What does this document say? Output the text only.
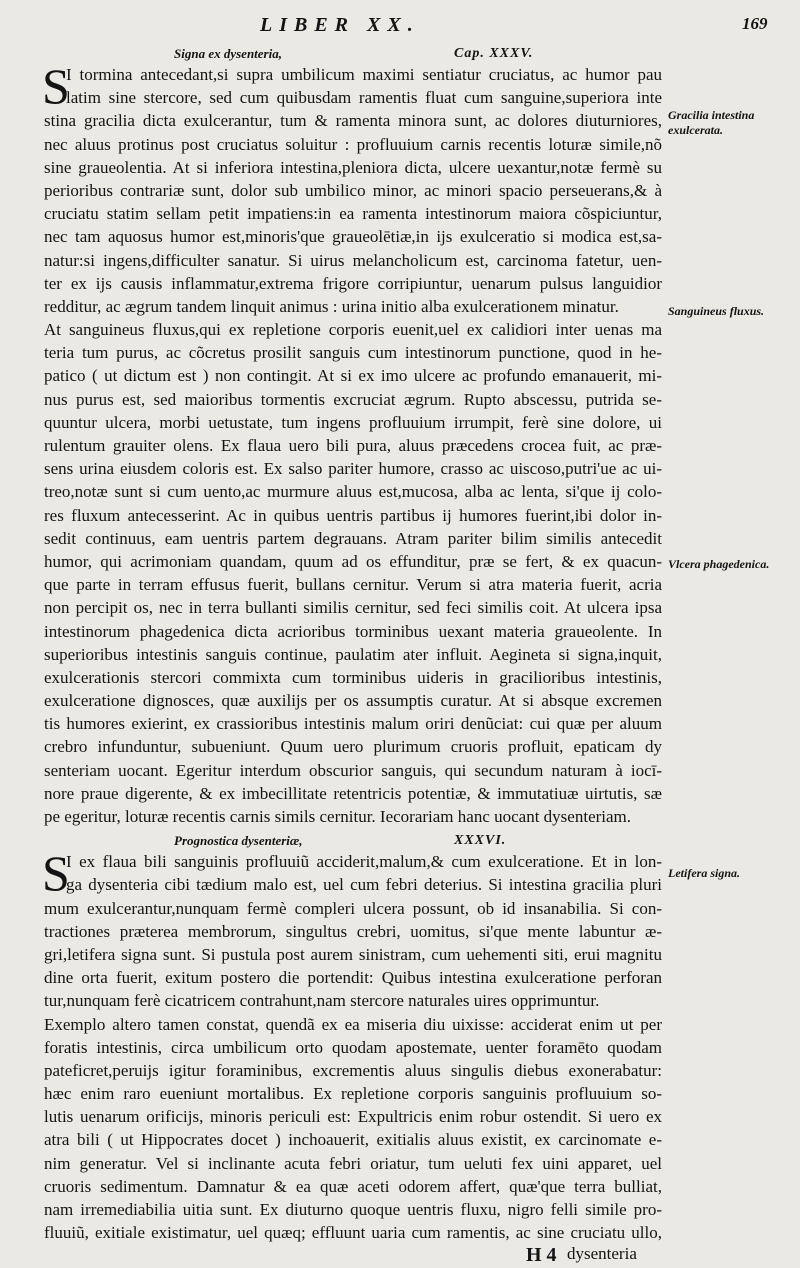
LIBER XX.	169
Signa ex dysenteria,	Cap. XXXV.
S
I tormina antecedant,si supra umbilicum maximi sentiatur cruciatus, ac humor pau
latim sine stercore, sed cum quibusdam ramentis fluat cum sanguine,superiora inte
stina gracilia dicta exulcerantur, tum & ramenta minora sunt, ac dolores diuturniores,
nec aluus protinus post cruciatus soluitur : profluuium carnis recentis loturæ simile,nõ
sine graueolentia. At si inferiora intestina,pleniora dicta, ulcere uexantur,notæ fermè su
perioribus contrariæ sunt, dolor sub umbilico minor, ac minori spacio perseuerans,& à
cruciatu statim sellam petit impatiens:in ea ramenta intestinorum maiora cõspiciuntur,
nec tam aquosus humor est,minoris'que graueolētiæ,in ijs exulceratio si modica est,sa-
natur:si ingens,difficulter sanatur. Si uirus melancholicum est, carcinoma fatetur, uen-
ter ex ijs causis inflammatur,extrema frigore corripiuntur, uenarum pulsus languidior
redditur, ac ægrum tandem linquit animus : urina initio alba exulcerationem minatur.
At sanguineus fluxus,qui ex repletione corporis euenit,uel ex calidiori inter uenas ma
teria tum purus, ac cõcretus prosilit sanguis cum intestinorum punctione, quod in he-
patico ( ut dictum est ) non contingit. At si ex imo ulcere ac profundo emanauerit, mi-
nus purus est, sed maioribus tormentis excruciat ægrum. Rupto abscessu, putrida se-
quuntur ulcera, morbi uetustate, tum ingens profluuium irrumpit, ferè sine dolore, ui
rulentum grauiter olens. Ex flaua uero bili pura, aluus præcedens crocea fuit, ac præ-
sens urina eiusdem coloris est. Ex salso pariter humore, crasso ac uiscoso,putri'ue ac ui-
treo,notæ sunt si cum uento,ac murmure aluus est,mucosa, alba ac lenta, si'que ij colo-
res fluxum antecesserint. Ac in quibus uentris partibus ij humores fuerint,ibi dolor in-
sedit continuus, eam uentris partem degrauans. Atram pariter bilim similis antecedit
humor, qui acrimoniam quandam, quum ad os effunditur, præ se fert, & ex quacun-
que parte in terram effusus fuerit, bullans cernitur. Verum si atra materia fuerit, acria
non percipit os, nec in terra bullanti similis cernitur, sed feci similis coit. At ulcera ipsa
intestinorum phagedenica dicta acrioribus torminibus uexant materia graueolente. In
superioribus intestinis sanguis continue, paulatim ater influit. Aegineta si signa,inquit,
exulcerationis stercori commixta cum torminibus uideris in gracilioribus intestinis,
exulceratione dignosces, quæ auxilijs per os assumptis curatur. At si absque excremen
tis humores exierint, ex crassioribus intestinis malum oriri denũciat: cui quæ per aluum
crebro infunduntur, subueniunt. Quum uero plurimum cruoris profluit, epaticam dy
senteriam uocant. Egeritur interdum obscurior sanguis, qui secundum naturam à iocī-
nore praue digerente, & ex imbecillitate retentricis potentiæ, & immutatiuæ uirtutis, sæ
pe egeritur, loturæ recentis carnis simils cernitur. Iecorariam hanc uocant dysenteriam.
Prognostica dysenteriæ,	XXXVI.
S
I ex flaua bili sanguinis profluuiũ acciderit,malum,& cum exulceratione. Et in lon-
ga dysenteria cibi tædium malo est, uel cum febri deterius. Si intestina gracilia pluri
mum exulcerantur,nunquam fermè compleri ulcera possunt, ob id insanabilia. Si con-
tractiones præterea membrorum, singultus crebri, uomitus, si'que mente labuntur æ-
gri,letifera signa sunt. Si pustula post aurem sinistram, cum uehementi siti, erui magnitu
dine orta fuerit, exitum postero die portendit: Quibus intestina exulceratione perforan
tur,nunquam ferè cicatricem contrahunt,nam stercore naturales uires opprimuntur.
Exemplo altero tamen constat, quendã ex ea miseria diu uixisse: acciderat enim ut per
foratis intestinis, circa umbilicum orto quodam apostemate, uenter foramēto quodam
pateficret,peruijs igitur foraminibus, excrementis aluus singulis diebus exonerabatur:
hæc enim raro eueniunt mortalibus. Ex repletione corporis sanguinis profluuium so-
lutis uenarum orificijs, minoris periculi est: Expultricis enim robur ostendit. Si uero ex
atra bili ( ut Hippocrates docet ) inchoauerit, exitialis aluus existit, ex carcinomate e-
nim generatur. Vel si inclinante acuta febri oriatur, tum ueluti fex uini apparet, uel
cruoris sedimentum. Damnatur & ea quæ aceti odorem affert, quæ'que terra bulliat,
nam irremediabilia uitia sunt. Ex diuturno quoque uentris fluxu, nigro felli simile pro-
fluuiũ, exitiale existimatur, uel quæq; effluunt uaria cum ramentis, ac sine cruciatu ullo,
H 4 dysenteria
Gracilia intestina exulcerata.
Sanguineus fluxus.
Vlcera phagedenica.
Letifera signa.
